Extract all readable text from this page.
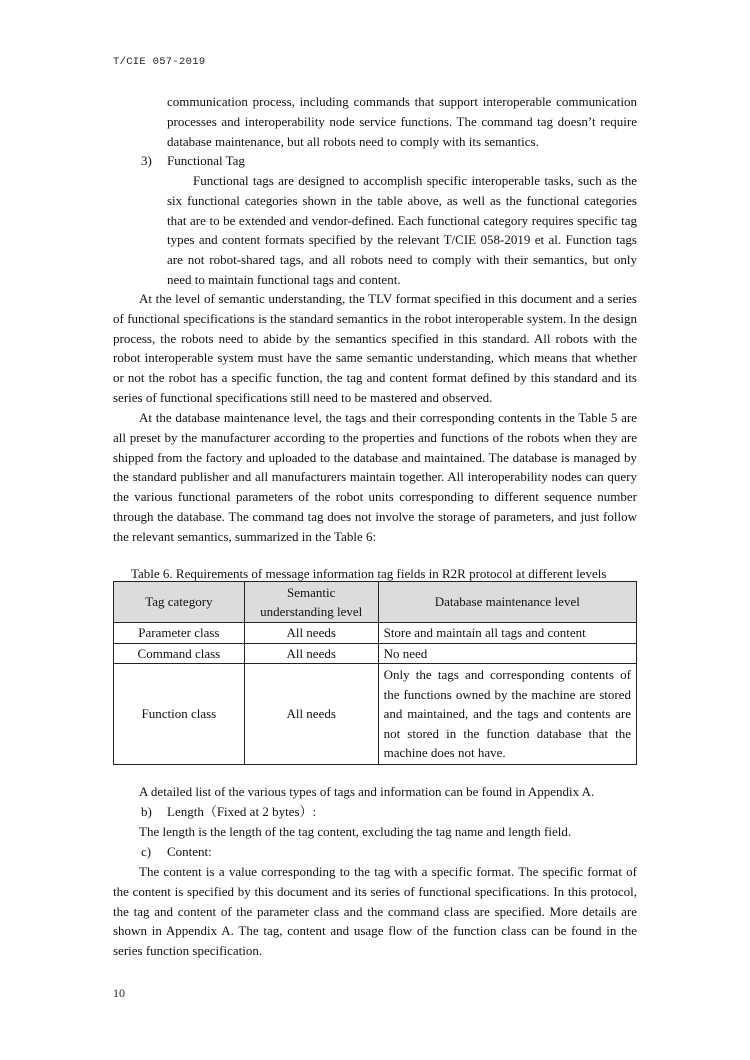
T/CIE 057-2019

communication process, including commands that support interoperable communication processes and interoperability node service functions. The command tag doesn’t require database maintenance, but all robots need to comply with its semantics.

3) Functional Tag

Functional tags are designed to accomplish specific interoperable tasks, such as the six functional categories shown in the table above, as well as the functional categories that are to be extended and vendor-defined. Each functional category requires specific tag types and content formats specified by the relevant T/CIE 058-2019 et al. Function tags are not robot-shared tags, and all robots need to comply with their semantics, but only need to maintain functional tags and content.

At the level of semantic understanding, the TLV format specified in this document and a series of functional specifications is the standard semantics in the robot interoperable system. In the design process, the robots need to abide by the semantics specified in this standard. All robots with the robot interoperable system must have the same semantic understanding, which means that whether or not the robot has a specific function, the tag and content format defined by this standard and its series of functional specifications still need to be mastered and observed.

At the database maintenance level, the tags and their corresponding contents in the Table 5 are all preset by the manufacturer according to the properties and functions of the robots when they are shipped from the factory and uploaded to the database and maintained. The database is managed by the standard publisher and all manufacturers maintain together. All interoperability nodes can query the various functional parameters of the robot units corresponding to different sequence number through the database. The command tag does not involve the storage of parameters, and just follow the relevant semantics, summarized in the Table 6:

Table 6. Requirements of message information tag fields in R2R protocol at different levels
Tag category	Semantic understanding level	Database maintenance level
Parameter class	All needs	Store and maintain all tags and content
Command class	All needs	No need
Function class	All needs	Only the tags and corresponding contents of the functions owned by the machine are stored and maintained, and the tags and contents are not stored in the function database that the machine does not have.

A detailed list of the various types of tags and information can be found in Appendix A.

b) Length（Fixed at 2 bytes）:

The length is the length of the tag content, excluding the tag name and length field.

c) Content:

The content is a value corresponding to the tag with a specific format. The specific format of the content is specified by this document and its series of functional specifications. In this protocol, the tag and content of the parameter class and the command class are specified. More details are shown in Appendix A. The tag, content and usage flow of the function class can be found in the series function specification.

10
